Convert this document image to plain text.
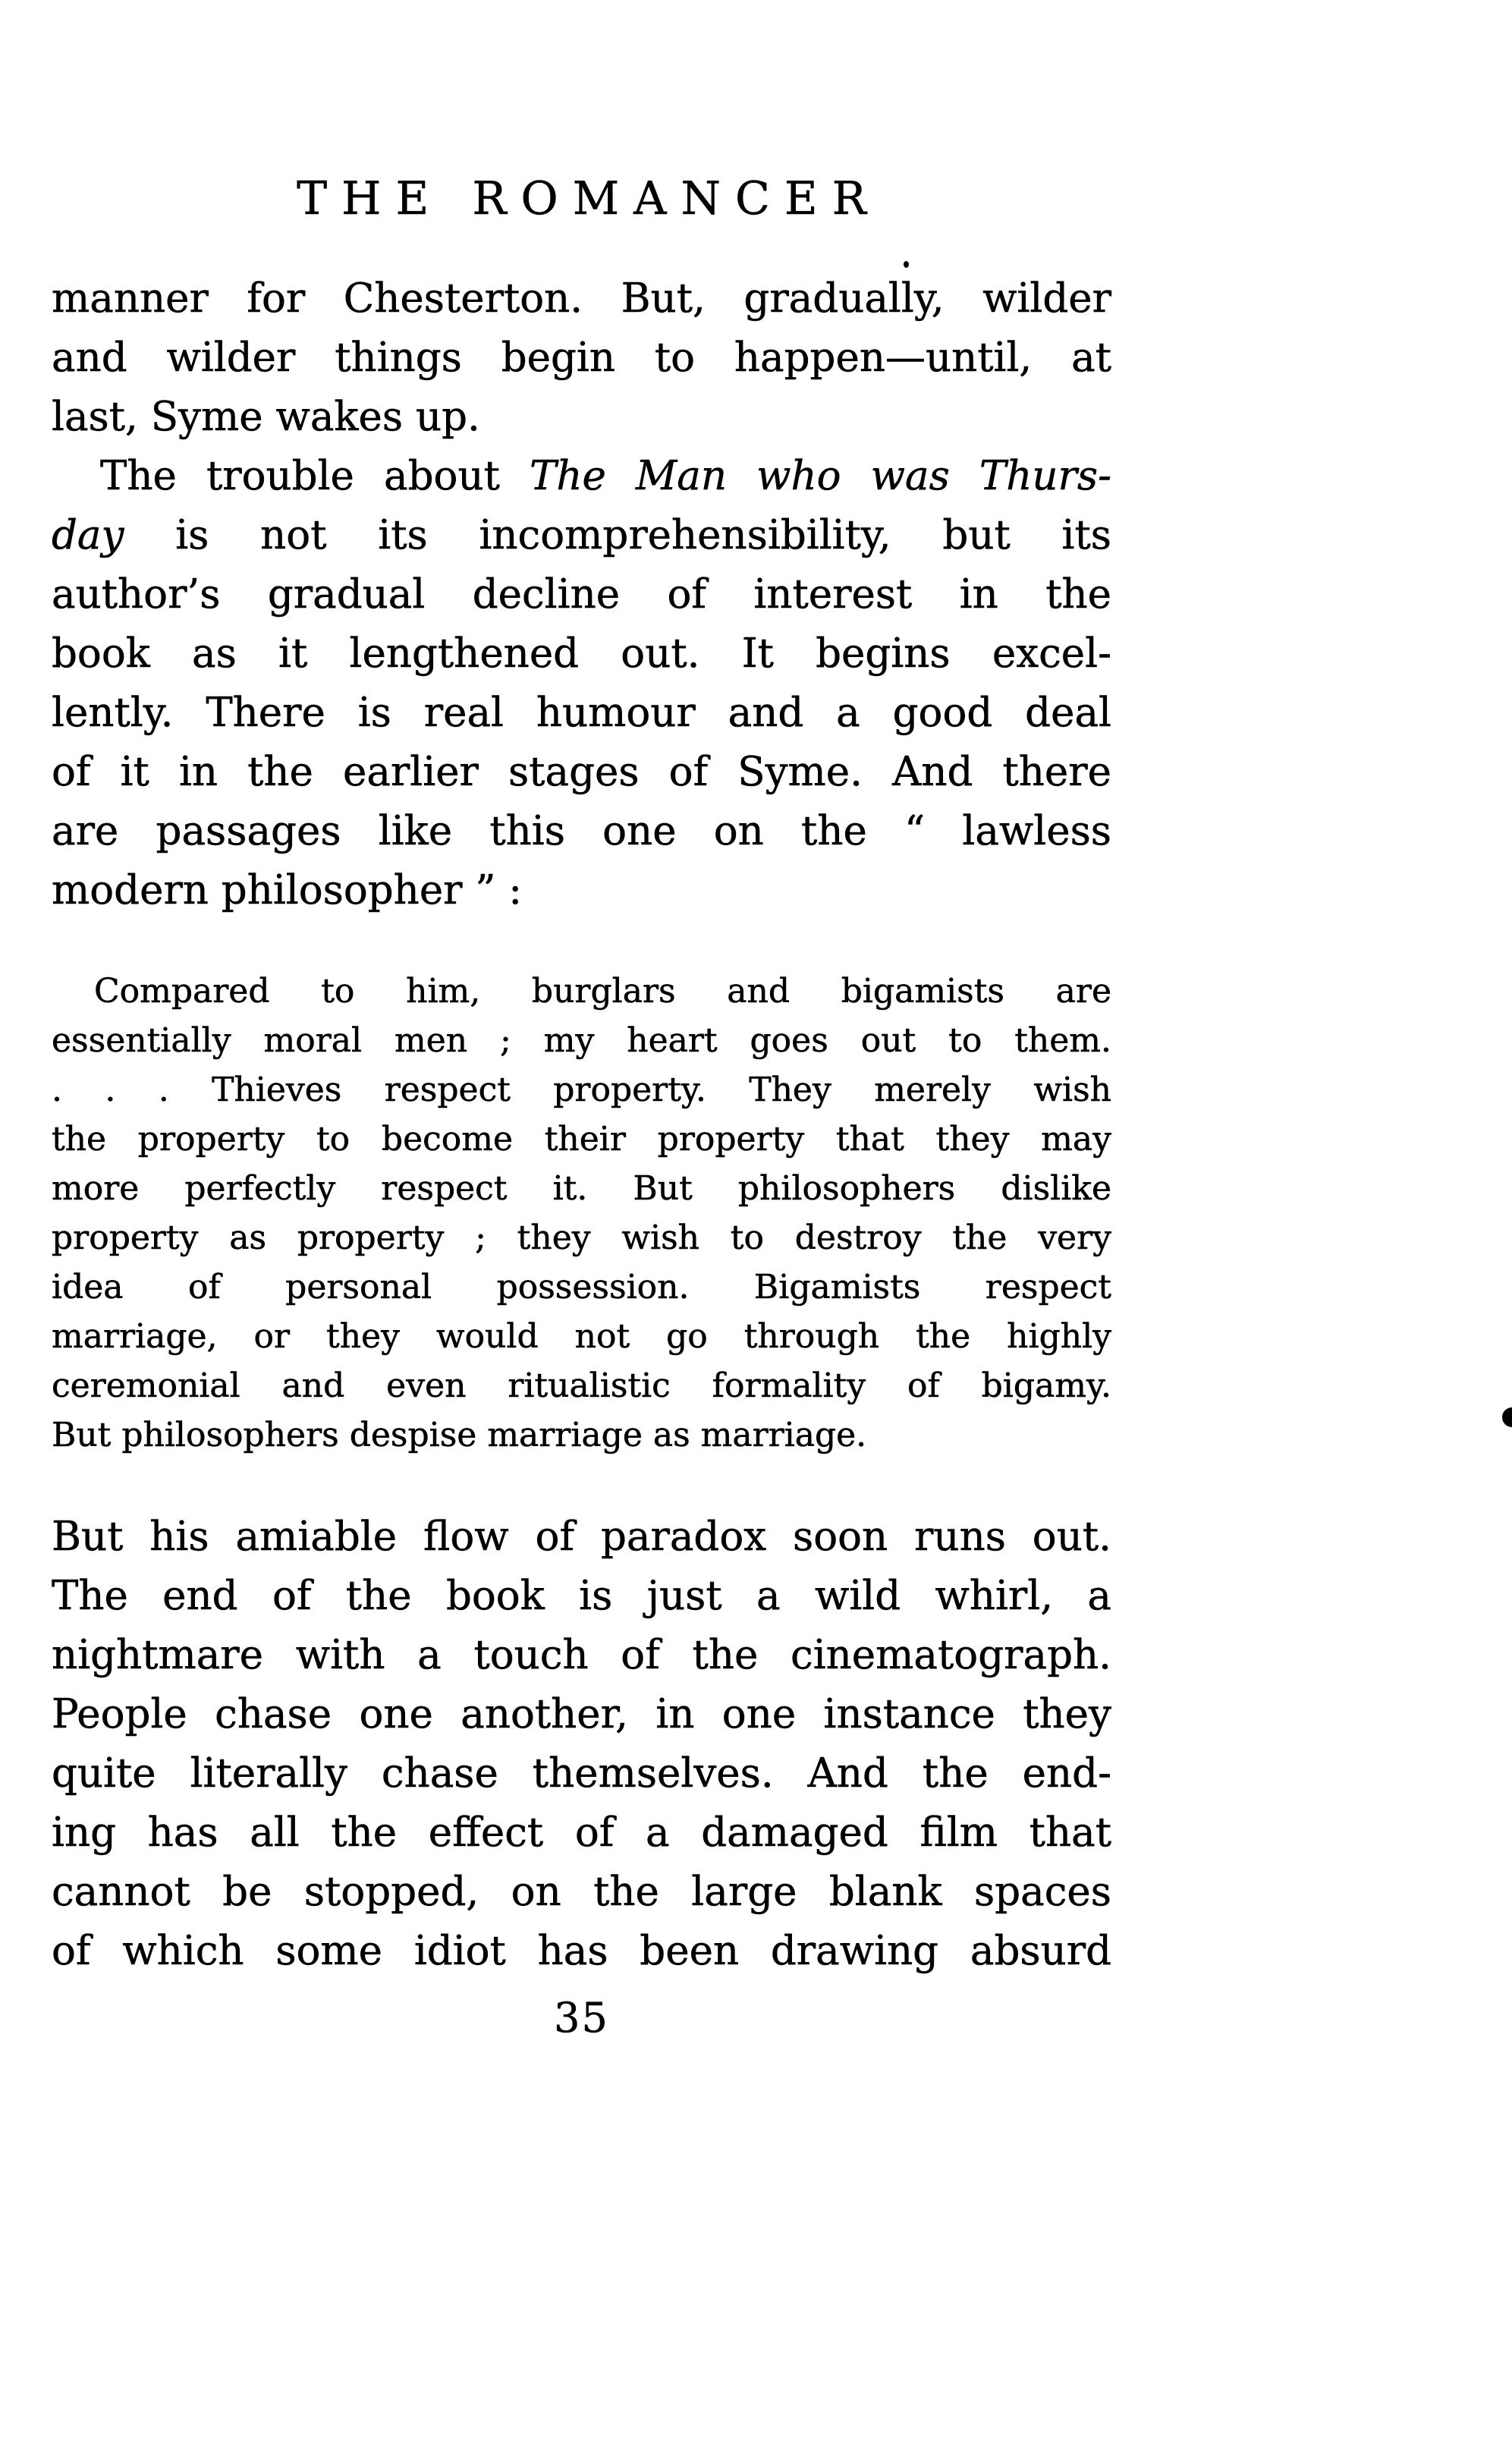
THE ROMANCER
manner for Chesterton. But, gradually, wilder
and wilder things begin to happen—until, at
last, Syme wakes up.
The trouble about The Man who was Thurs-
day is not its incomprehensibility, but its
author’s gradual decline of interest in the
book as it lengthened out. It begins excel-
lently. There is real humour and a good deal
of it in the earlier stages of Syme. And there
are passages like this one on the “ lawless
modern philosopher ” :
Compared to him, burglars and bigamists are
essentially moral men ; my heart goes out to them.
. . . Thieves respect property. They merely wish
the property to become their property that they may
more perfectly respect it. But philosophers dislike
property as property ; they wish to destroy the very
idea of personal possession. Bigamists respect
marriage, or they would not go through the highly
ceremonial and even ritualistic formality of bigamy.
But philosophers despise marriage as marriage.
But his amiable flow of paradox soon runs out.
The end of the book is just a wild whirl, a
nightmare with a touch of the cinematograph.
People chase one another, in one instance they
quite literally chase themselves. And the end-
ing has all the effect of a damaged film that
cannot be stopped, on the large blank spaces
of which some idiot has been drawing absurd
35
